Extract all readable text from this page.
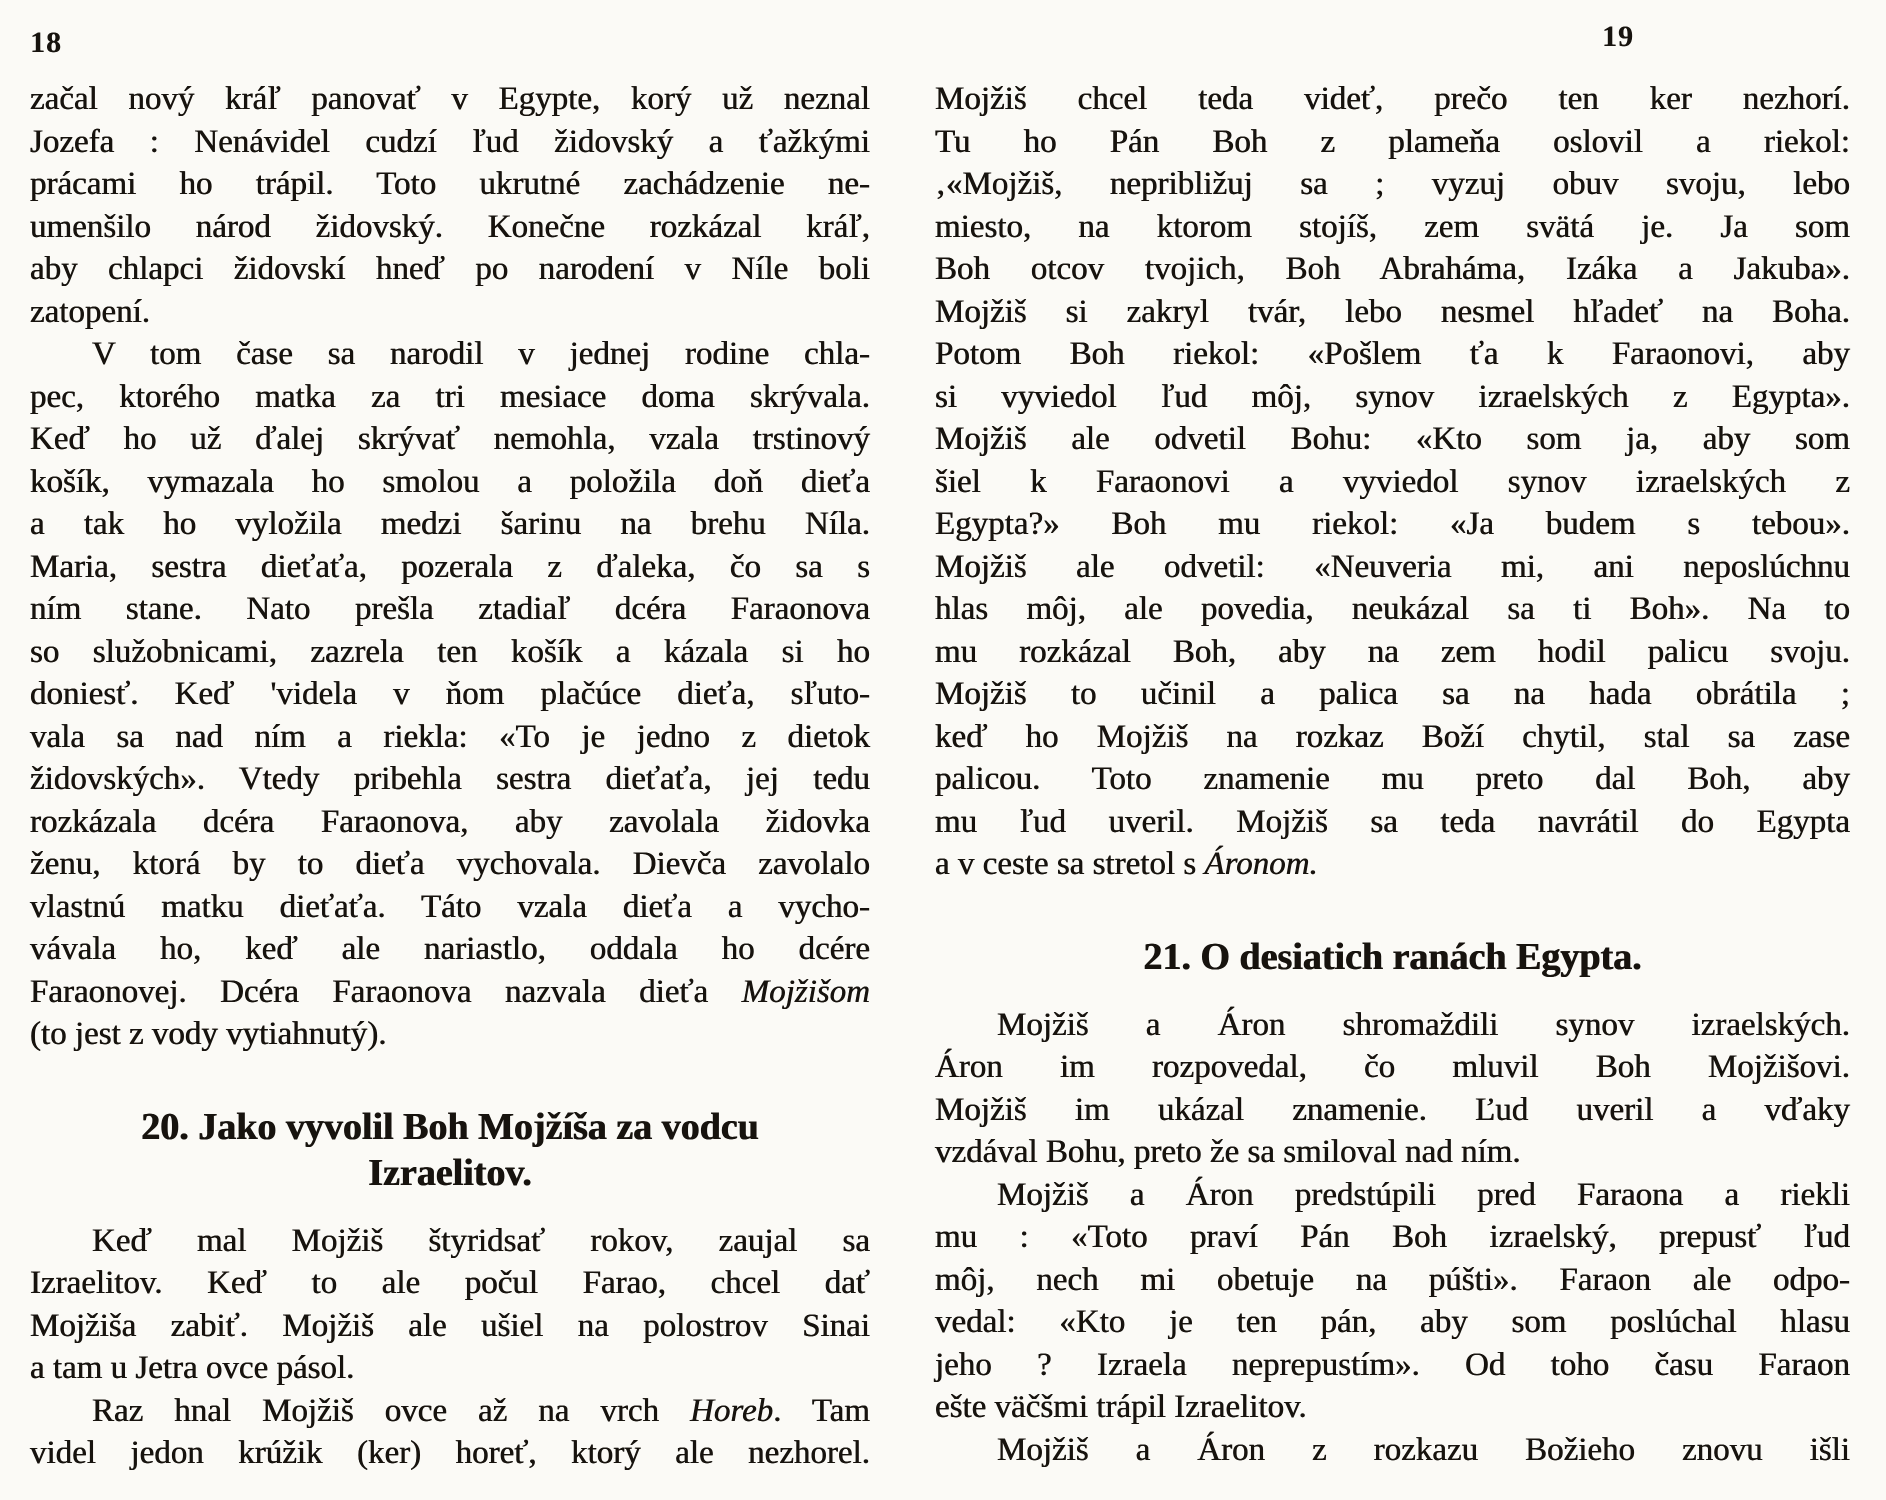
18	19
začal nový kráľ panovať v Egypte, korý už neznal
Jozefa : Nenávidel cudzí ľud židovský a ťažkými
prácami ho trápil. Toto ukrutné zachádzenie ne-
umenšilo národ židovský. Konečne rozkázal kráľ,
aby chlapci židovskí hneď po narodení v Níle boli
zatopení.
V tom čase sa narodil v jednej rodine chla-
pec, ktorého matka za tri mesiace doma skrývala.
Keď ho už ďalej skrývať nemohla, vzala trstinový
košík, vymazala ho smolou a položila doň dieťa
a tak ho vyložila medzi šarinu na brehu Níla.
Maria, sestra dieťaťa, pozerala z ďaleka, čo sa s
ním stane. Nato prešla ztadiaľ dcéra Faraonova
so služobnicami, zazrela ten košík a kázala si ho
doniesť. Keď 'videla v ňom plačúce dieťa, sľuto-
vala sa nad ním a riekla: «To je jedno z dietok
židovských». Vtedy pribehla sestra dieťaťa, jej tedu
rozkázala dcéra Faraonova, aby zavolala židovka
ženu, ktorá by to dieťa vychovala. Dievča zavolalo
vlastnú matku dieťaťa. Táto vzala dieťa a vycho-
vávala ho, keď ale nariastlo, oddala ho dcére
Faraonovej. Dcéra Faraonova nazvala dieťa Mojžišom
(to jest z vody vytiahnutý).
20. Jako vyvolil Boh Mojžíša za vodcu
Izraelitov.
Keď mal Mojžiš štyridsať rokov, zaujal sa
Izraelitov. Keď to ale počul Farao, chcel dať
Mojžiša zabiť. Mojžiš ale ušiel na polostrov Sinai
a tam u Jetra ovce pásol.
Raz hnal Mojžiš ovce až na vrch Horeb. Tam
videl jedon krúžik (ker) horeť, ktorý ale nezhorel.
Mojžiš chcel teda videť, prečo ten ker nezhorí.
Tu ho Pán Boh z plameňa oslovil a riekol:
‚«Mojžiš, nepribližuj sa ; vyzuj obuv svoju, lebo
miesto, na ktorom stojíš, zem svätá je. Ja som
Boh otcov tvojich, Boh Abraháma, Izáka a Jakuba».
Mojžiš si zakryl tvár, lebo nesmel hľadeť na Boha.
Potom Boh riekol: «Pošlem ťa k Faraonovi, aby
si vyviedol ľud môj, synov izraelských z Egypta».
Mojžiš ale odvetil Bohu: «Kto som ja, aby som
šiel k Faraonovi a vyviedol synov izraelských z
Egypta?» Boh mu riekol: «Ja budem s tebou».
Mojžiš ale odvetil: «Neuveria mi, ani neposlúchnu
hlas môj, ale povedia, neukázal sa ti Boh». Na to
mu rozkázal Boh, aby na zem hodil palicu svoju.
Mojžiš to učinil a palica sa na hada obrátila ;
keď ho Mojžiš na rozkaz Boží chytil, stal sa zase
palicou. Toto znamenie mu preto dal Boh, aby
mu ľud uveril. Mojžiš sa teda navrátil do Egypta
a v ceste sa stretol s Áronom.
21. O desiatich ranách Egypta.
Mojžiš a Áron shromaždili synov izraelských.
Áron im rozpovedal, čo mluvil Boh Mojžišovi.
Mojžiš im ukázal znamenie. Ľud uveril a vďaky
vzdával Bohu, preto že sa smiloval nad ním.
Mojžiš a Áron predstúpili pred Faraona a riekli
mu : «Toto praví Pán Boh izraelský, prepusť ľud
môj, nech mi obetuje na púšti». Faraon ale odpo-
vedal: «Kto je ten pán, aby som poslúchal hlasu
jeho ? Izraela neprepustím». Od toho času Faraon
ešte väčšmi trápil Izraelitov.
Mojžiš a Áron z rozkazu Božieho znovu išli
